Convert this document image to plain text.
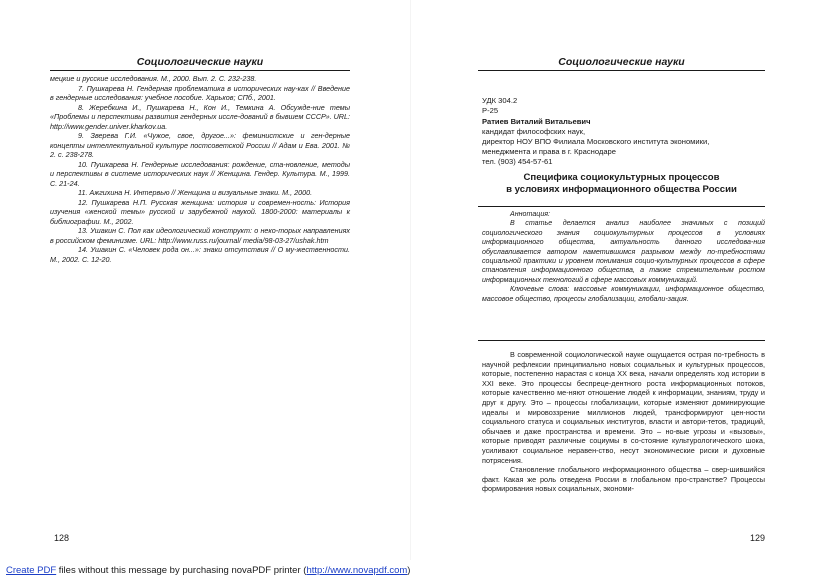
Социологические науки

мецкие и русские исследования. М., 2000. Вып. 2. С. 232-238.

7. Пушкарева Н. Гендерная проблематика в исторических нау-ках // Введение в гендерные исследования: учебное пособие. Харьков; СПб., 2001.

8. Жеребкина И., Пушкарева Н., Кон И., Темкина А. Обсужде-ние темы «Проблемы и перспективы развития гендерных иссле-дований в бывшем СССР». URL: http://www.gender.univer.kharkov.ua.

9. Зверева Г.И. «Чужое, свое, другое...»: феминистские и ген-дерные концепты интеллектуальной культуре постсоветской России // Адам и Ева. 2001. № 2. с. 238-278.

10. Пушкарева Н. Гендерные исследования: рождение, ста-новление, методы и перспективы в системе исторических наук // Женщина. Гендер. Культура. М., 1999. С. 21-24.

11. Ажгихина Н. Интервью // Женщина и визуальные знаки. М., 2000.

12. Пушкарева Н.П. Русская женщина: история и современ-ность: История изучения «женской темы» русской и зарубежной наукой. 1800-2000: материалы к библиографии. М., 2002.

13. Ушакин С. Пол как идеологический конструкт: о неко-торых направлениях в российском феминизме. URL: http://www.russ.ru/journal/ media/98-03-27/ushak.htm

14. Ушакин С. «Человек рода он...»: знаки отсутствия // О му-жественности. М., 2002. С. 12-20.

128
Социологические науки
УДК 304.2
Р-25
Ратиев Виталий Витальевич
кандидат философских наук,
директор НОУ ВПО Филиала Московского института экономики,
менеджмента и права в г. Краснодаре
тел. (903) 454-57-61
Специфика социокультурных процессов
в условиях информационного общества России

Аннотация:

В статье делается анализ наиболее значимых с позиций социологического знания социокультурных процессов в условиях информационного общества, актуальность данного исследова-ния обуславливается автором наметившимся разрывом между по-требностями социальной практики и уровнем понимания социо-культурных процессов в сфере становления информационного общества, а также стремительным ростом информационных технологий в сфере массовых коммуникаций.

Ключевые слова: массовые коммуникации, информационное общество, массовое общество, процессы глобализации, глобали-зация.

В современной социологической науке ощущается острая по-требность в научной рефлексии принципиально новых социальных и культурных процессов, которые, постепенно нарастая с конца XX века, начали определять ход истории в XXI веке. Это процессы беспреце-дентного роста информационных потоков, которые качественно ме-няют отношение людей к информации, знаниям, труду и друг к другу. Это – процессы глобализации, которые изменяют доминирующие идеалы и мировоззрение миллионов людей, трансформируют цен-ности социального статуса и социальных институтов, власти и автори-тетов, традиций, обычаев и даже пространства и времени. Это – но-вые угрозы и «вызовы», которые приводят различные социумы в со-стояние культурологического шока, усиливают социальное неравен-ство, несут экономические риски и духовные потрясения.

Становление глобального информационного общества – свер-шившийся факт. Какая же роль отведена России в глобальном про-странстве? Процессы формирования новых социальных, экономи-

129
Create PDF files without this message by purchasing novaPDF printer (http://www.novapdf.com)
